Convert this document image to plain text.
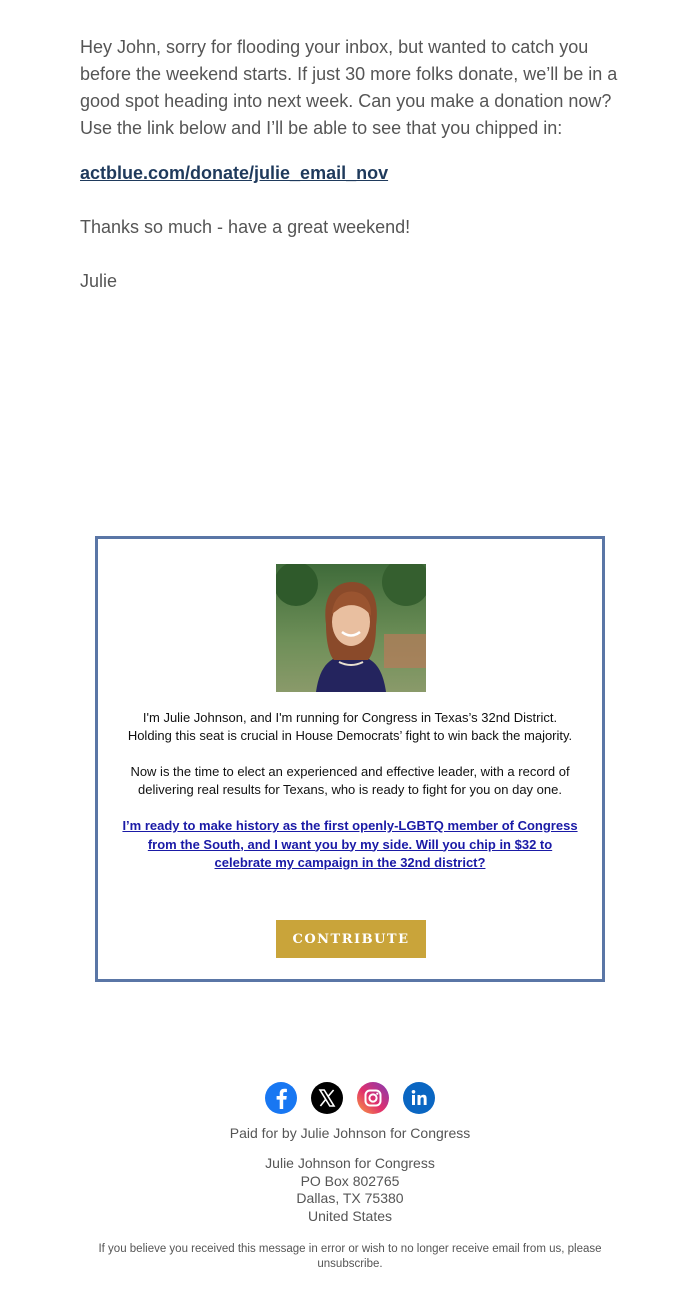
Hey John, sorry for flooding your inbox, but wanted to catch you before the weekend starts. If just 30 more folks donate, we’ll be in a good spot heading into next week. Can you make a donation now? Use the link below and I’ll be able to see that you chipped in:

actblue.com/donate/julie_email_nov

Thanks so much - have a great weekend!

Julie

I'm Julie Johnson, and I'm running for Congress in Texas’s 32nd District. Holding this seat is crucial in House Democrats’ fight to win back the majority.

Now is the time to elect an experienced and effective leader, with a record of delivering real results for Texans, who is ready to fight for you on day one.

I’m ready to make history as the first openly-LGBTQ member of Congress from the South, and I want you by my side. Will you chip in $32 to celebrate my campaign in the 32nd district?
CONTRIBUTE
Paid for by Julie Johnson for Congress
Julie Johnson for Congress
PO Box 802765
Dallas, TX 75380
United States
If you believe you received this message in error or wish to no longer receive email from us, please
unsubscribe.
